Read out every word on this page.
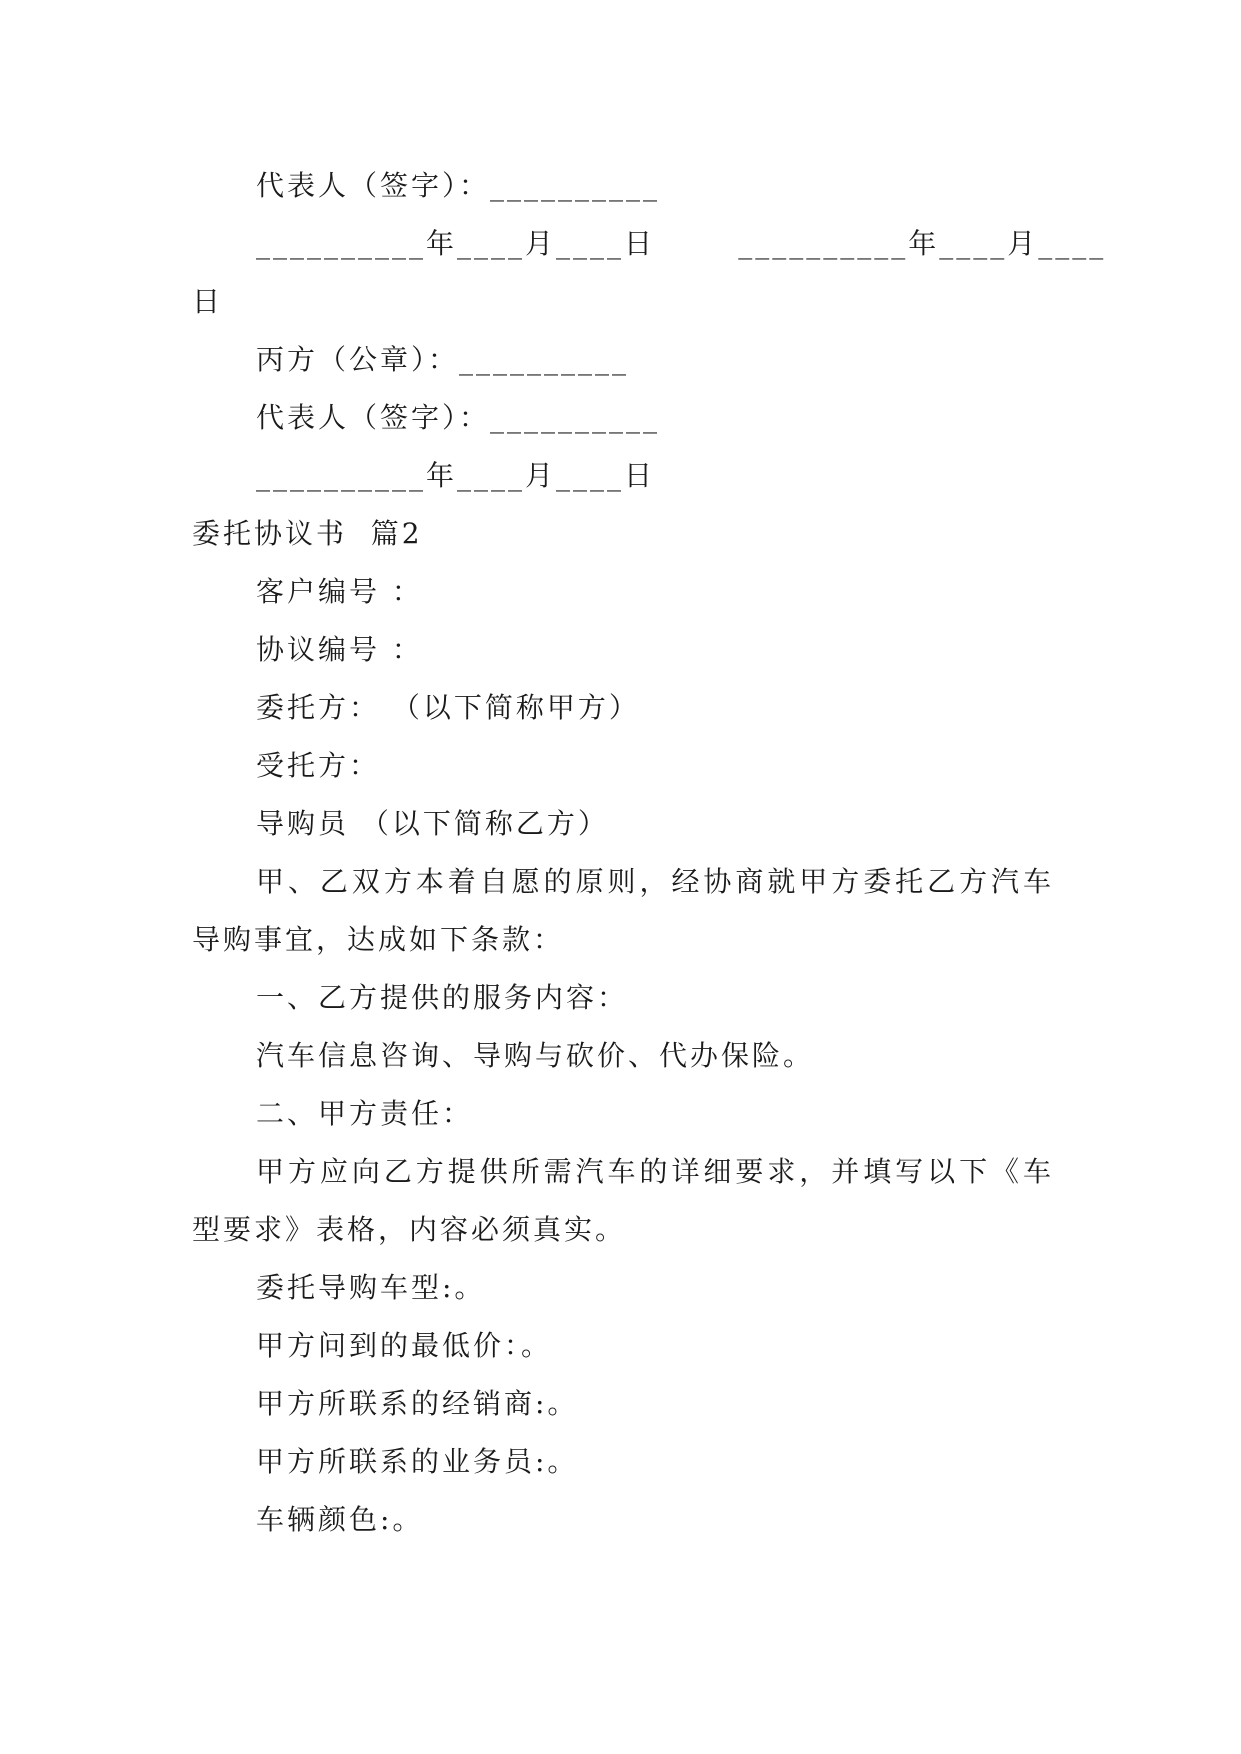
代表人（签字）：__________
__________年____月____日       __________年____月____
日
丙方（公章）：__________
代表人（签字）：__________
__________年____月____日
委托协议书  篇2
客户编号 ：
协议编号 ：
委托方： （以下简称甲方）
受托方：
导购员 （以下简称乙方）
甲、乙双方本着自愿的原则，经协商就甲方委托乙方汽车导购事宜，达成如下条款：
一、乙方提供的服务内容：
汽车信息咨询、导购与砍价、代办保险。
二、甲方责任：
甲方应向乙方提供所需汽车的详细要求，并填写以下《车型要求》表格，内容必须真实。
委托导购车型:。
甲方问到的最低价：。
甲方所联系的经销商:。
甲方所联系的业务员:。
车辆颜色:。
